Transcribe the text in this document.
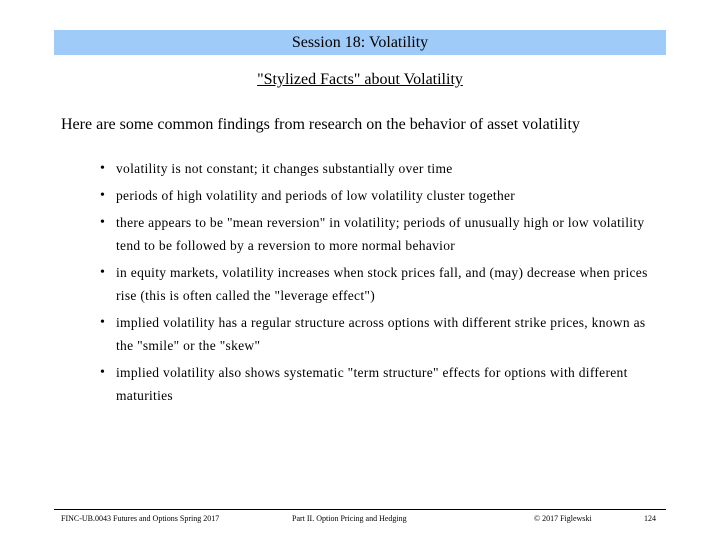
Session 18: Volatility
"Stylized Facts" about Volatility
Here are some common findings from research on the behavior of asset volatility
• volatility is not constant; it changes substantially over time
• periods of high volatility and periods of low volatility cluster together
• there appears to be "mean reversion" in volatility; periods of unusually high or low volatility tend to be followed by a reversion to more normal behavior
• in equity markets, volatility increases when stock prices fall, and (may) decrease when prices rise (this is often called the "leverage effect")
• implied volatility has a regular structure across options with different strike prices, known as the "smile" or the "skew"
• implied volatility also shows systematic "term structure" effects for options with different maturities
FINC-UB.0043 Futures and Options Spring 2017	Part II. Option Pricing and Hedging	© 2017 Figlewski	124
